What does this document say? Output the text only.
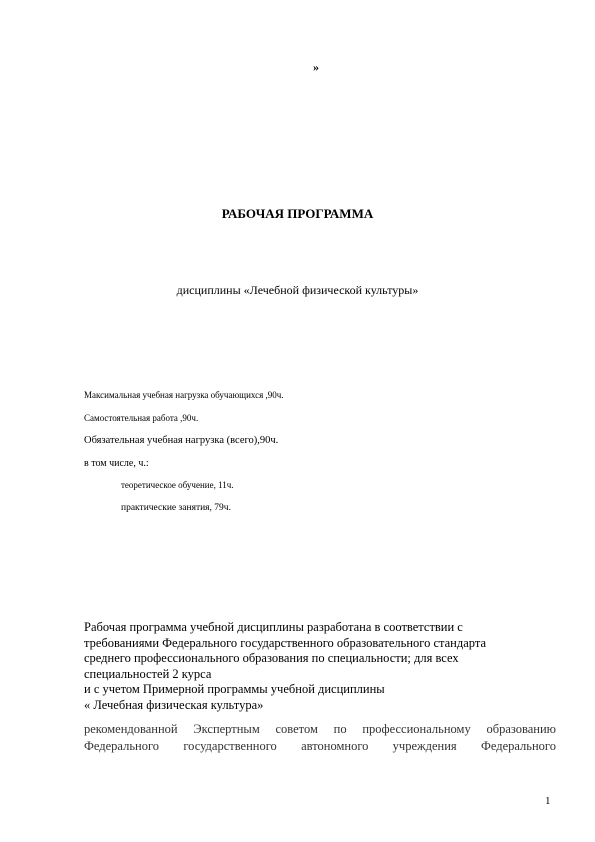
»
РАБОЧАЯ ПРОГРАММА
дисциплины «Лечебной физической культуры»
Максимальная учебная нагрузка обучающихся ,90ч.
Самостоятельная работа ,90ч.
Обязательная учебная нагрузка (всего),90ч.
в том числе, ч.:
теоретическое обучение, 11ч.
практические занятия, 79ч.

Рабочая программа учебной дисциплины разработана в соответствии с

требованиями Федерального государственного образовательного стандарта

среднего профессионального образования по специальности; для всех

специальностей 2 курса

и с учетом Примерной программы учебной дисциплины

« Лечебная физическая культура»

рекомендованной Экспертным советом по профессиональному образованию
Федерального государственного автономного учреждения Федерального
1
